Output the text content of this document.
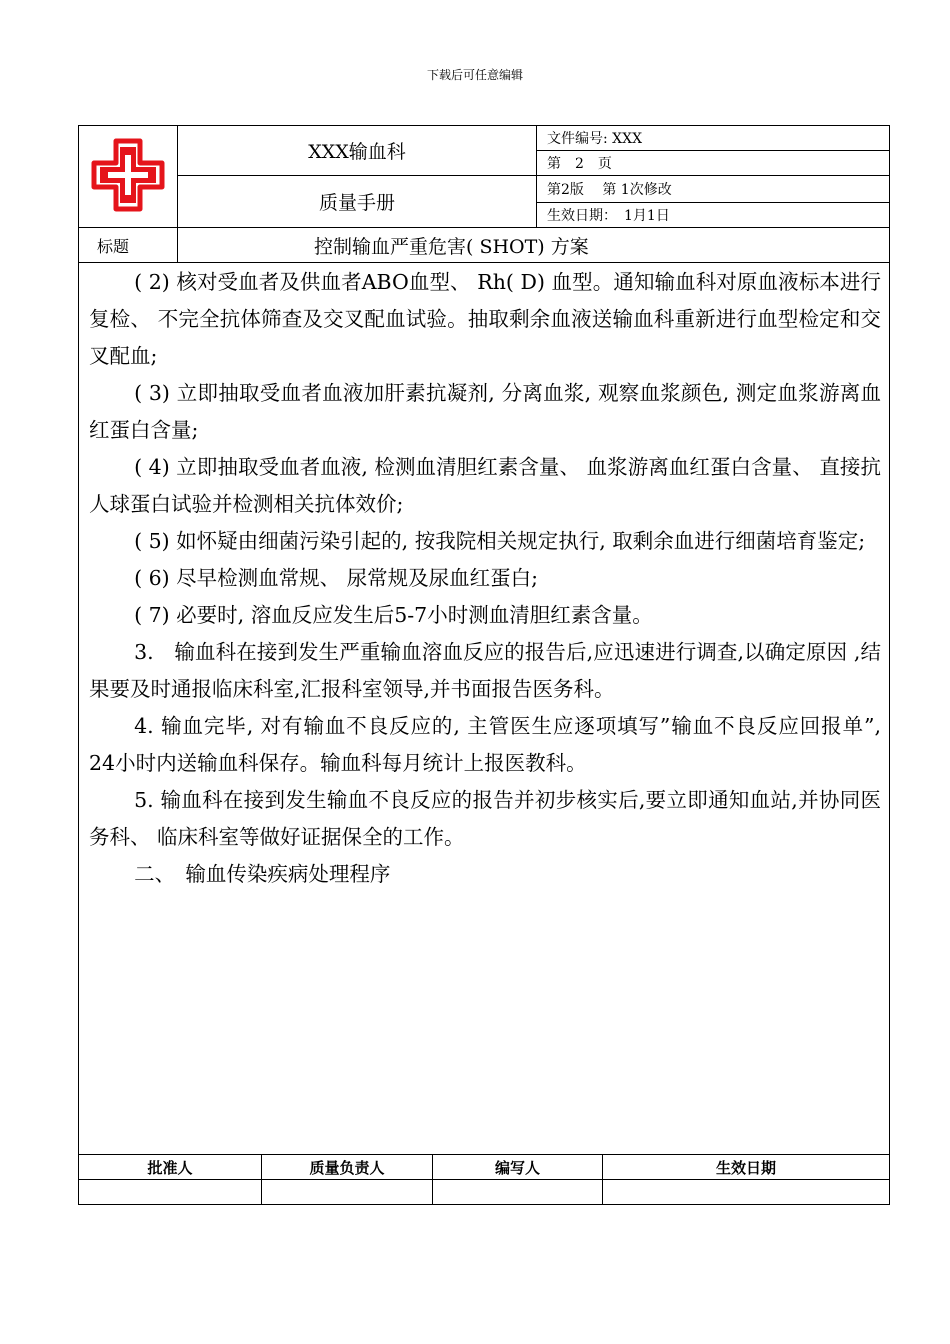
下载后可任意编辑
	XXX输血科	文件编号: XXX
		第　2　页
	质量手册	第2版　 第 1次修改
		生效日期：　1月1日
标题	控制输血严重危害( SHOT) 方案	

( 2) 核对受血者及供血者ABO血型、 Rh( D) 血型。通知输血科对原血液标本进行复检、 不完全抗体筛查及交叉配血试验。抽取剩余血液送输血科重新进行血型检定和交叉配血;

( 3) 立即抽取受血者血液加肝素抗凝剂, 分离血浆, 观察血浆颜色, 测定血浆游离血红蛋白含量;

( 4) 立即抽取受血者血液, 检测血清胆红素含量、 血浆游离血红蛋白含量、 直接抗人球蛋白试验并检测相关抗体效价;

( 5) 如怀疑由细菌污染引起的, 按我院相关规定执行, 取剩余血进行细菌培育鉴定;

( 6) 尽早检测血常规、 尿常规及尿血红蛋白;

( 7) 必要时, 溶血反应发生后5-7小时测血清胆红素含量。

3.　输血科在接到发生严重输血溶血反应的报告后,应迅速进行调查,以确定原因 ,结果要及时通报临床科室,汇报科室领导,并书面报告医务科。

4. 输血完毕, 对有输血不良反应的, 主管医生应逐项填写”输血不良反应回报单”, 24小时内送输血科保存。输血科每月统计上报医教科。

5. 输血科在接到发生输血不良反应的报告并初步核实后,要立即通知血站,并协同医务科、 临床科室等做好证据保全的工作。

二、　输血传染疾病处理程序

批准人	质量负责人	编写人	生效日期
